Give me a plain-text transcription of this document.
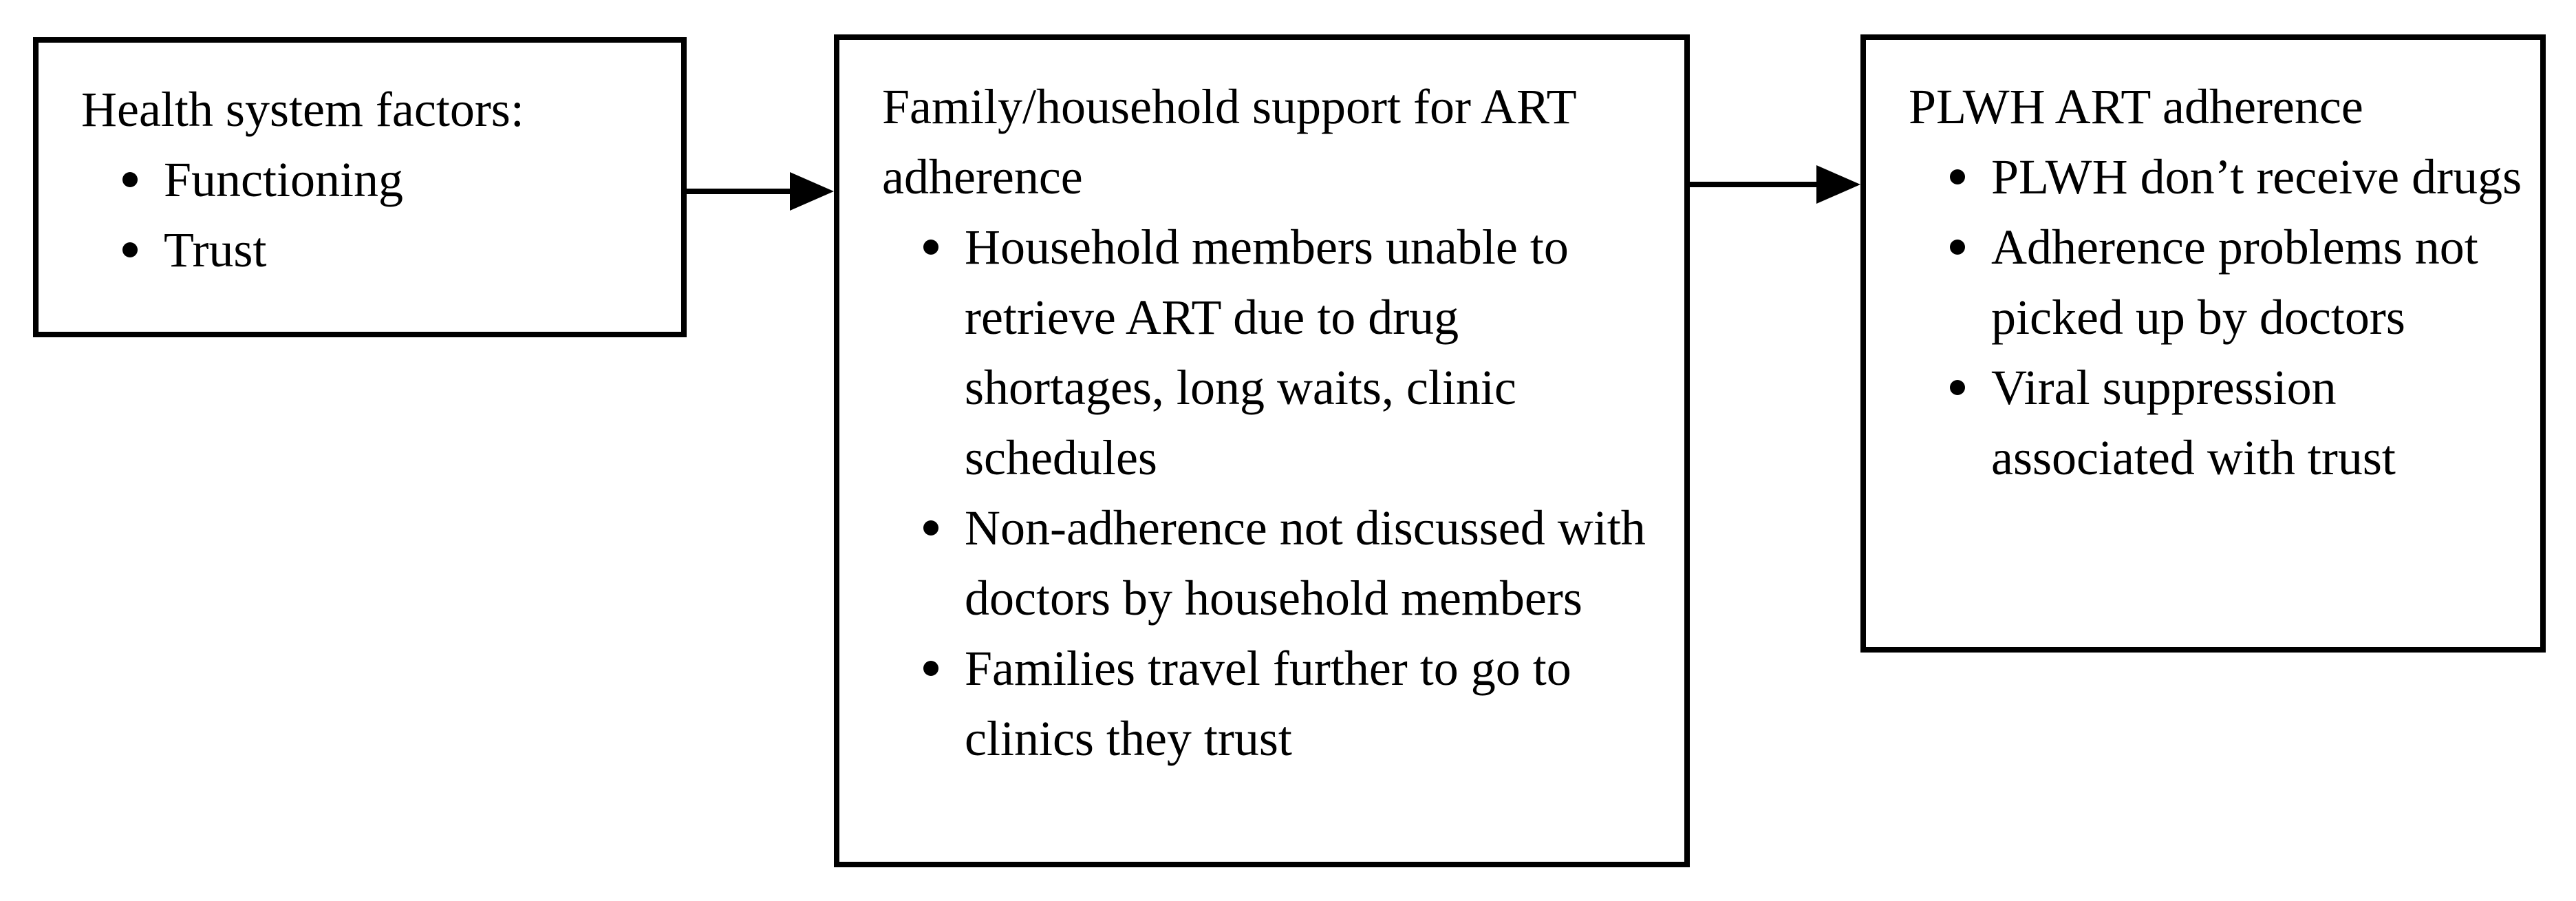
Health system factors:

Functioning
Trust

Family/household support for ART adherence

Household members unable to retrieve ART due to drug shortages, long waits, clinic schedules
Non-adherence not discussed with doctors by household members
Families travel further to go to clinics they trust

PLWH ART adherence

PLWH don’t receive drugs
Adherence problems not picked up by doctors
Viral suppression associated with trust
